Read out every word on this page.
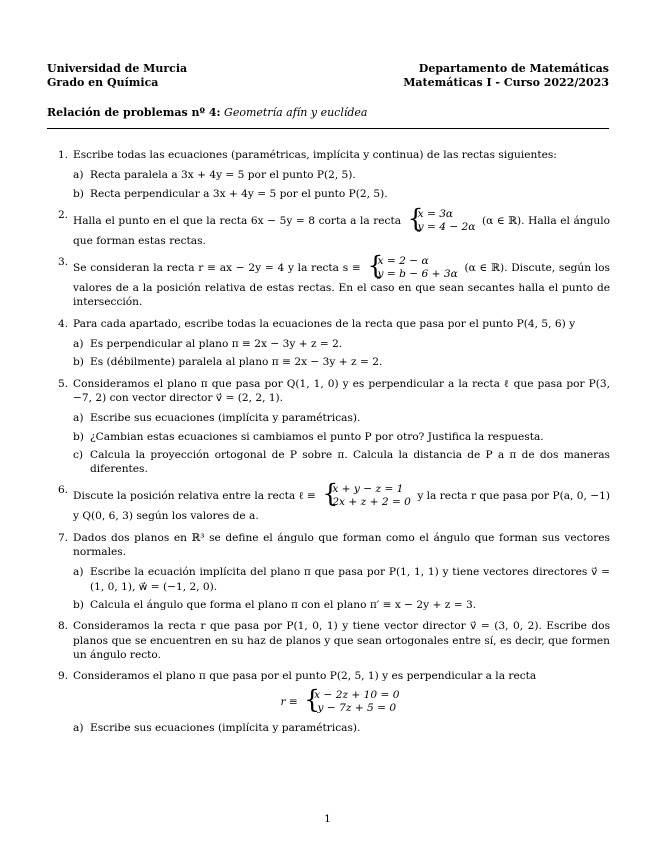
Universidad de Murcia
Grado en Química
Departamento de Matemáticas
Matemáticas I - Curso 2022/2023
Relación de problemas nº 4: Geometría afín y euclídea
1. Escribe todas las ecuaciones (paramétricas, implícita y continua) de las rectas siguientes:
a) Recta paralela a 3x + 4y = 5 por el punto P(2, 5).
b) Recta perpendicular a 3x + 4y = 5 por el punto P(2, 5).
2. Halla el punto en el que la recta 6x − 5y = 8 corta a la recta {
x = 3α
y = 4 − 2α (α ∈ ℝ). Halla el ángulo que forman estas rectas.
3. Se consideran la recta r ≡ ax − 2y = 4 y la recta s ≡ {
x = 2 − α
y = b − 6 + 3α (α ∈ ℝ). Discute, según los valores de a la posición relativa de estas rectas. En el caso en que sean secantes halla el punto de intersección.
4. Para cada apartado, escribe todas la ecuaciones de la recta que pasa por el punto P(4, 5, 6) y
a) Es perpendicular al plano π ≡ 2x − 3y + z = 2.
b) Es (débilmente) paralela al plano π ≡ 2x − 3y + z = 2.
5. Consideramos el plano π que pasa por Q(1, 1, 0) y es perpendicular a la recta ℓ que pasa por P(3, −7, 2) con vector director v⃗ = (2, 2, 1).
a) Escribe sus ecuaciones (implícita y paramétricas).
b) ¿Cambian estas ecuaciones si cambiamos el punto P por otro? Justifica la respuesta.
c) Calcula la proyección ortogonal de P sobre π. Calcula la distancia de P a π de dos maneras diferentes.
6. Discute la posición relativa entre la recta ℓ ≡ {
x + y − z = 1
2x + z + 2 = 0 y la recta r que pasa por P(a, 0, −1) y Q(0, 6, 3) según los valores de a.
7. Dados dos planos en ℝ³ se define el ángulo que forman como el ángulo que forman sus vectores normales.
a) Escribe la ecuación implícita del plano π que pasa por P(1, 1, 1) y tiene vectores directores v⃗ = (1, 0, 1), w⃗ = (−1, 2, 0).
b) Calcula el ángulo que forma el plano π con el plano π′ ≡ x − 2y + z = 3.
8. Consideramos la recta r que pasa por P(1, 0, 1) y tiene vector director v⃗ = (3, 0, 2). Escribe dos planos que se encuentren en su haz de planos y que sean ortogonales entre sí, es decir, que formen un ángulo recto.
9. Consideramos el plano π que pasa por el punto P(2, 5, 1) y es perpendicular a la recta
r ≡ {
x − 2z + 10 = 0
y − 7z + 5 = 0
a) Escribe sus ecuaciones (implícita y paramétricas).
1
